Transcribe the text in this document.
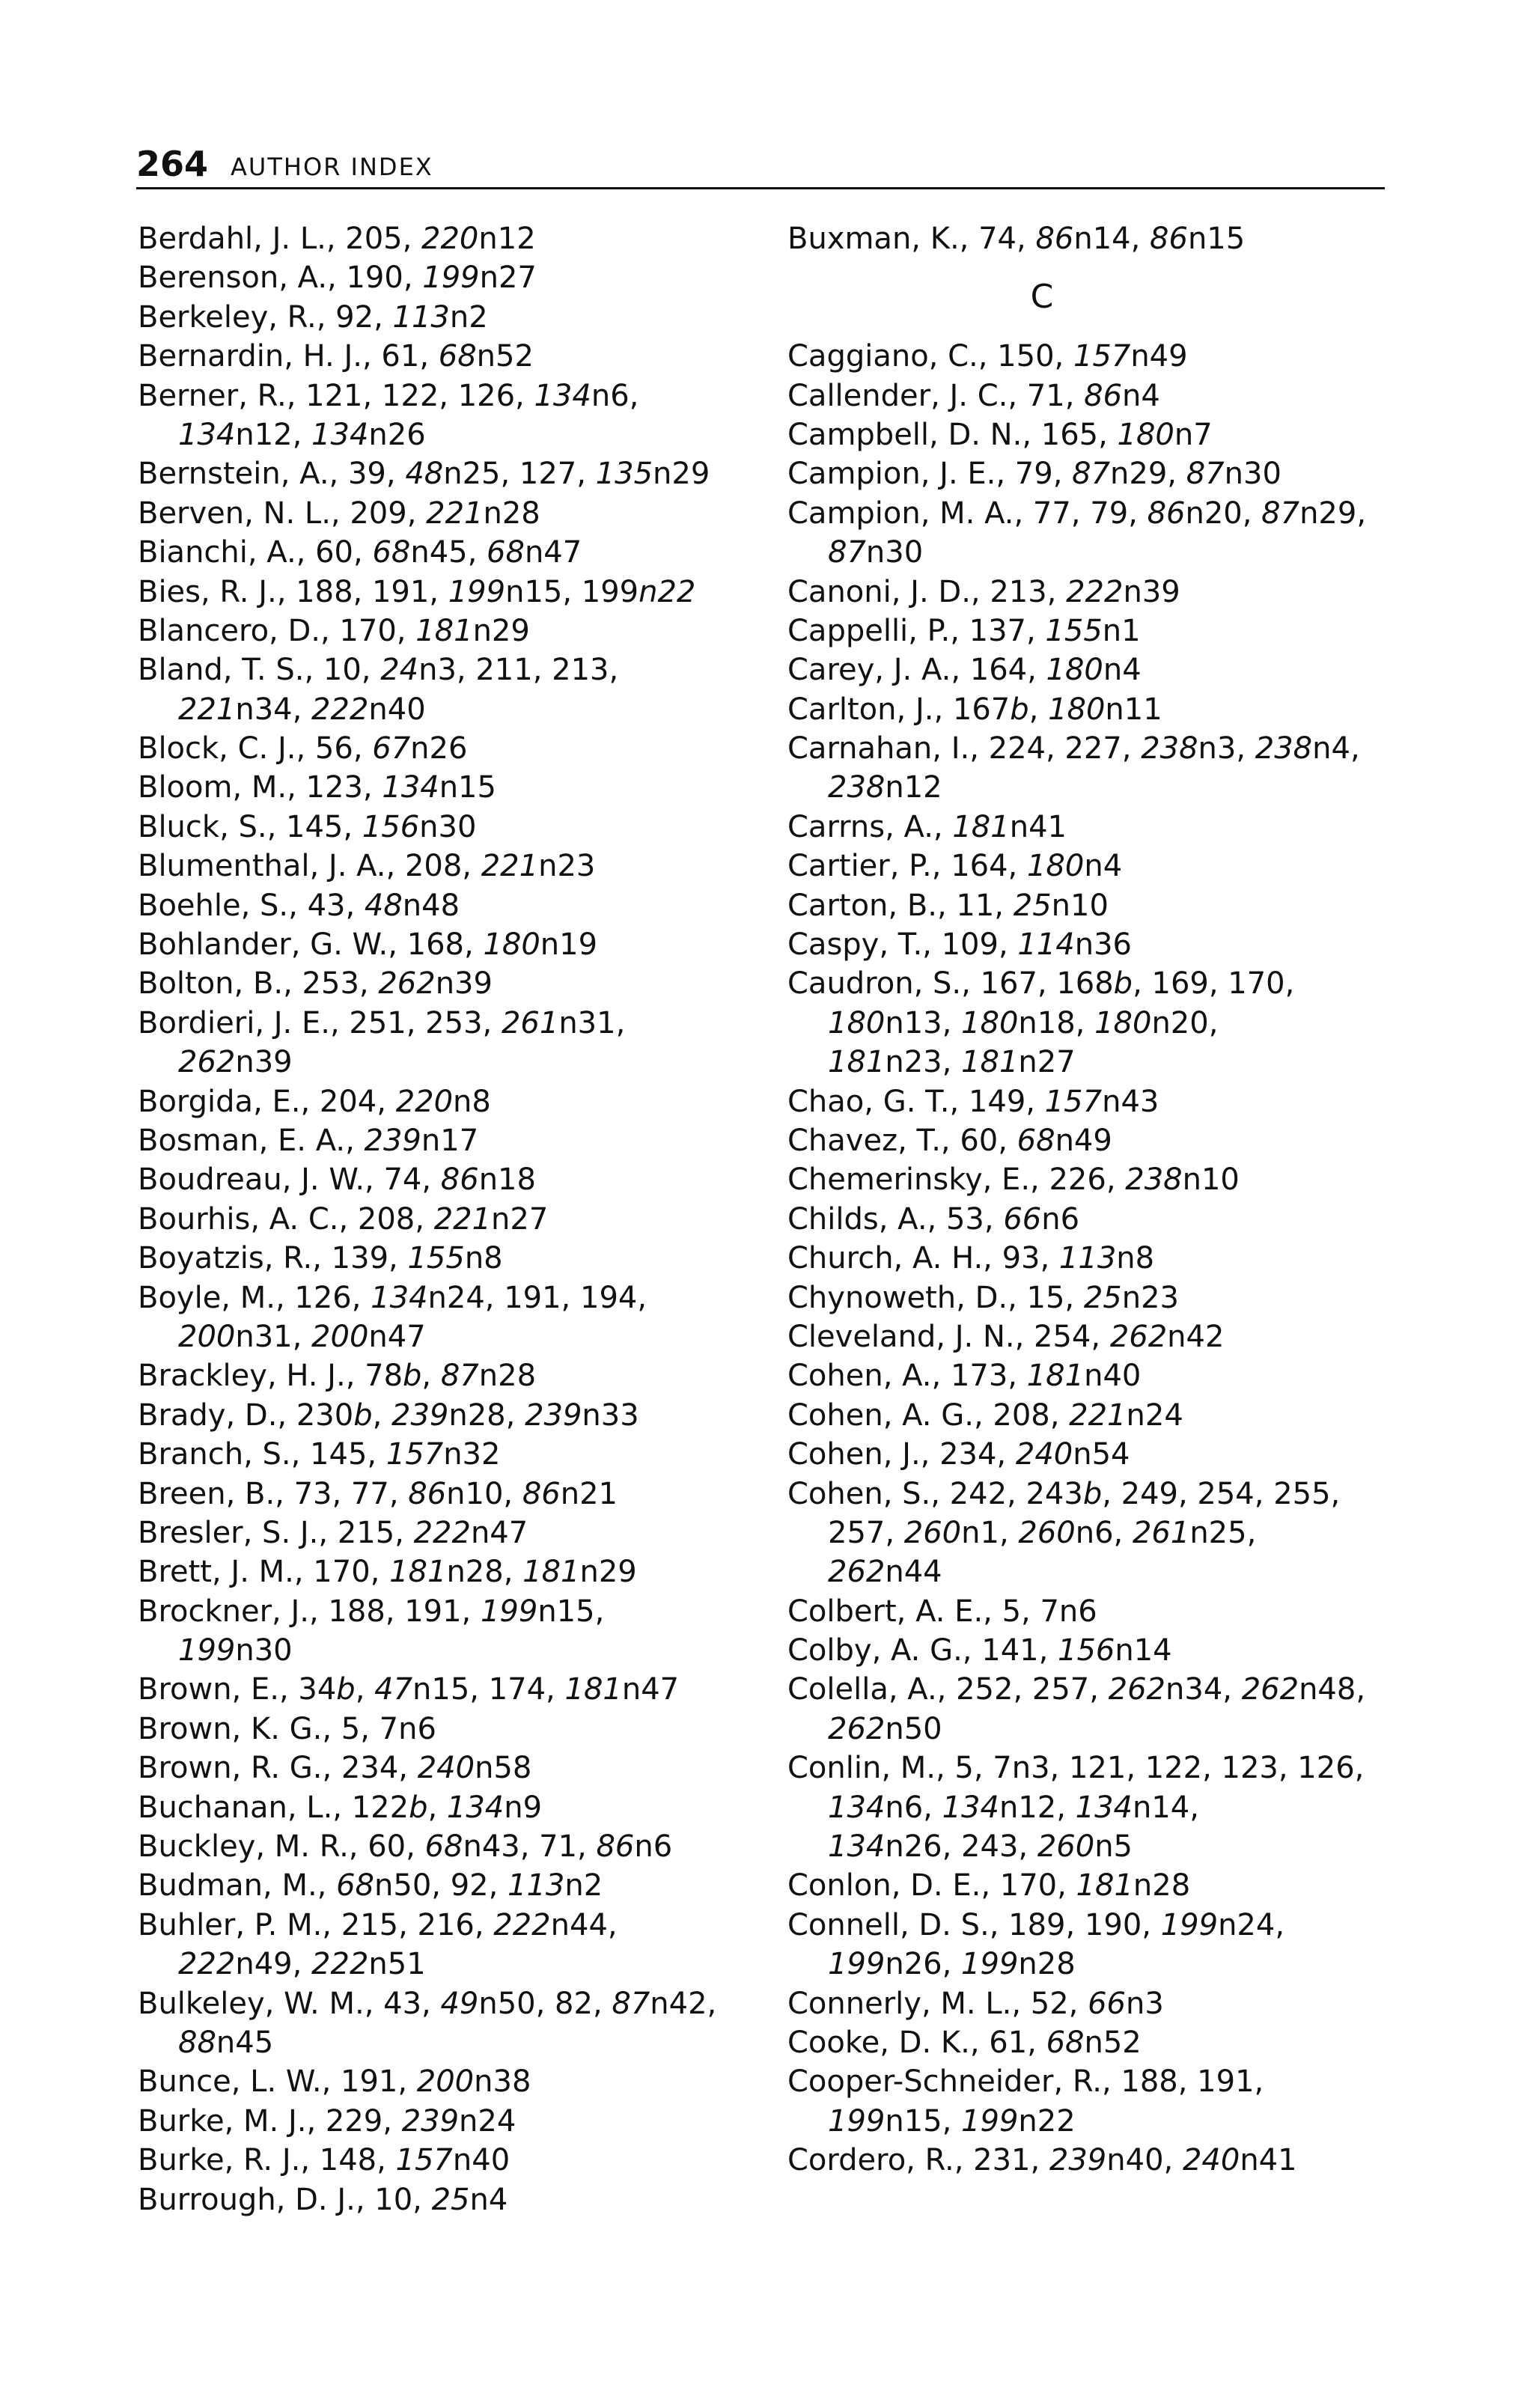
264 AUTHOR INDEX
Berdahl, J. L., 205, 220n12
Berenson, A., 190, 199n27
Berkeley, R., 92, 113n2
Bernardin, H. J., 61, 68n52
Berner, R., 121, 122, 126, 134n6,
134n12, 134n26
Bernstein, A., 39, 48n25, 127, 135n29
Berven, N. L., 209, 221n28
Bianchi, A., 60, 68n45, 68n47
Bies, R. J., 188, 191, 199n15, 199n22
Blancero, D., 170, 181n29
Bland, T. S., 10, 24n3, 211, 213,
221n34, 222n40
Block, C. J., 56, 67n26
Bloom, M., 123, 134n15
Bluck, S., 145, 156n30
Blumenthal, J. A., 208, 221n23
Boehle, S., 43, 48n48
Bohlander, G. W., 168, 180n19
Bolton, B., 253, 262n39
Bordieri, J. E., 251, 253, 261n31,
262n39
Borgida, E., 204, 220n8
Bosman, E. A., 239n17
Boudreau, J. W., 74, 86n18
Bourhis, A. C., 208, 221n27
Boyatzis, R., 139, 155n8
Boyle, M., 126, 134n24, 191, 194,
200n31, 200n47
Brackley, H. J., 78b, 87n28
Brady, D., 230b, 239n28, 239n33
Branch, S., 145, 157n32
Breen, B., 73, 77, 86n10, 86n21
Bresler, S. J., 215, 222n47
Brett, J. M., 170, 181n28, 181n29
Brockner, J., 188, 191, 199n15,
199n30
Brown, E., 34b, 47n15, 174, 181n47
Brown, K. G., 5, 7n6
Brown, R. G., 234, 240n58
Buchanan, L., 122b, 134n9
Buckley, M. R., 60, 68n43, 71, 86n6
Budman, M., 68n50, 92, 113n2
Buhler, P. M., 215, 216, 222n44,
222n49, 222n51
Bulkeley, W. M., 43, 49n50, 82, 87n42,
88n45
Bunce, L. W., 191, 200n38
Burke, M. J., 229, 239n24
Burke, R. J., 148, 157n40
Burrough, D. J., 10, 25n4
Buxman, K., 74, 86n14, 86n15
C
Caggiano, C., 150, 157n49
Callender, J. C., 71, 86n4
Campbell, D. N., 165, 180n7
Campion, J. E., 79, 87n29, 87n30
Campion, M. A., 77, 79, 86n20, 87n29,
87n30
Canoni, J. D., 213, 222n39
Cappelli, P., 137, 155n1
Carey, J. A., 164, 180n4
Carlton, J., 167b, 180n11
Carnahan, I., 224, 227, 238n3, 238n4,
238n12
Carrns, A., 181n41
Cartier, P., 164, 180n4
Carton, B., 11, 25n10
Caspy, T., 109, 114n36
Caudron, S., 167, 168b, 169, 170,
180n13, 180n18, 180n20,
181n23, 181n27
Chao, G. T., 149, 157n43
Chavez, T., 60, 68n49
Chemerinsky, E., 226, 238n10
Childs, A., 53, 66n6
Church, A. H., 93, 113n8
Chynoweth, D., 15, 25n23
Cleveland, J. N., 254, 262n42
Cohen, A., 173, 181n40
Cohen, A. G., 208, 221n24
Cohen, J., 234, 240n54
Cohen, S., 242, 243b, 249, 254, 255,
257, 260n1, 260n6, 261n25,
262n44
Colbert, A. E., 5, 7n6
Colby, A. G., 141, 156n14
Colella, A., 252, 257, 262n34, 262n48,
262n50
Conlin, M., 5, 7n3, 121, 122, 123, 126,
134n6, 134n12, 134n14,
134n26, 243, 260n5
Conlon, D. E., 170, 181n28
Connell, D. S., 189, 190, 199n24,
199n26, 199n28
Connerly, M. L., 52, 66n3
Cooke, D. K., 61, 68n52
Cooper-Schneider, R., 188, 191,
199n15, 199n22
Cordero, R., 231, 239n40, 240n41
